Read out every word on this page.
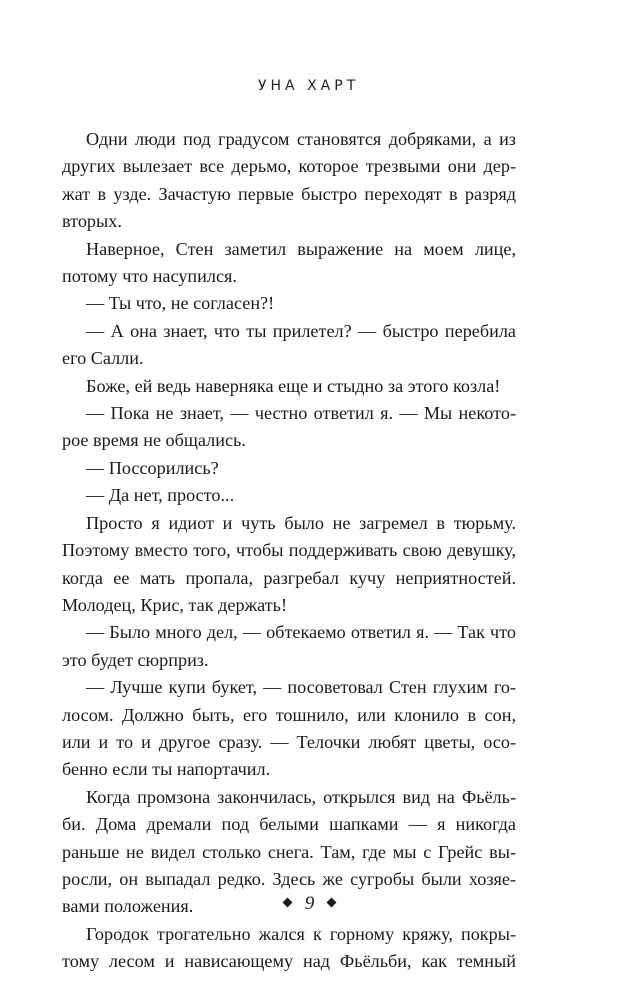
УНА ХАРТ

Одни люди под градусом становятся добряками, а из других вылезает все дерьмо, которое трезвыми они держат в узде. Зачастую первые быстро переходят в разряд вторых.

Наверное, Стен заметил выражение на моем лице, потому что насупился.

— Ты что, не согласен?!

— А она знает, что ты прилетел? — быстро перебила его Салли.

Боже, ей ведь наверняка еще и стыдно за этого козла!

— Пока не знает, — честно ответил я. — Мы некоторое время не общались.

— Поссорились?

— Да нет, просто...

Просто я идиот и чуть было не загремел в тюрьму. Поэтому вместо того, чтобы поддерживать свою девушку, когда ее мать пропала, разгребал кучу неприятностей. Молодец, Крис, так держать!

— Было много дел, — обтекаемо ответил я. — Так что это будет сюрприз.

— Лучше купи букет, — посоветовал Стен глухим голосом. Должно быть, его тошнило, или клонило в сон, или и то и другое сразу. — Телочки любят цветы, особенно если ты напортачил.

Когда промзона закончилась, открылся вид на Фьёльби. Дома дремали под белыми шапками — я никогда раньше не видел столько снега. Там, где мы с Грейс выросли, он выпадал редко. Здесь же сугробы были хозяевами положения.

Городок трогательно жался к горному кряжу, покрытому лесом и нависающему над Фьёльби, как темный

9
